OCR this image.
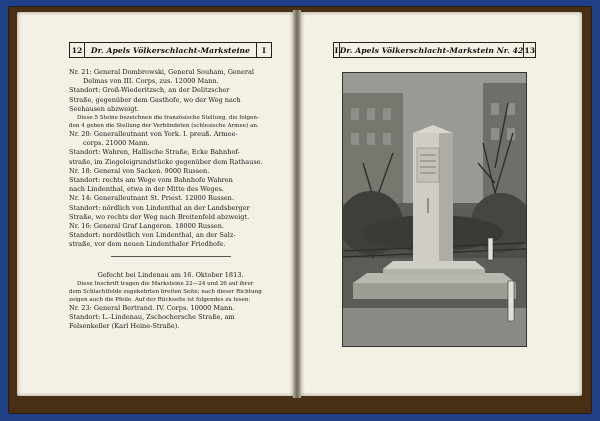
12	Dr. Apels Völkerschlacht-Marksteine	I	I Dr. Apels Völkerschlacht-Markstein Nr. 42 13
Nr. 21: General Dombrowski, General Souham, General
Delmas von III. Corps, zus. 12000 Mann.
Standort: Groß-Wiederitzsch, an der Delitzscher
Straße, gegenüber dem Gasthofe, wo der Weg nach
Seehausen abzweigt.
Diese 5 Steine bezeichnen die französische Stellung, die folgen-
den 4 geben die Stellung der Verbündeten (schlesische Armee) an.
Nr. 20: Generalleutnant von York. I. preuß. Armee-
corps. 21000 Mann.
Standort: Wahren, Hallische Straße, Ecke Bahnhof-
straße, im Ziegeleigrundstücke gegenüber dem Rathause.
Nr. 18: General von Sacken. 9000 Russen.
Standort: rechts am Wege vom Bahnhofe Wahren
nach Lindenthal, etwa in der Mitte des Weges.
Nr. 14: Generalleutnant St. Priest. 12000 Russen.
Standort: nördlich von Lindenthal an der Landsberger
Straße, wo rechts der Weg nach Breitenfeld abzweigt.
Nr. 16: General Graf Langeron. 18000 Russen.
Standort: nordöstlich von Lindenthal, an der Salz-
straße, vor dem neuen Lindenthaler Friedhofe.
Gefecht bei Lindenau am 16. Oktober 1813.
Diese Inschrift tragen die Marksteine 22—24 und 26 auf ihrer
dem Schlachtfelde zugekehrten breiten Seite; nach dieser Richtung
zeigen auch die Pfeile. Auf der Rückseite ist folgendes zu lesen:
Nr. 23: General Bertrand. IV. Corps. 10000 Mann.
Standort: L.-Lindenau, Zschochersche Straße, am
Felsenkeller (Karl Heine-Straße).
